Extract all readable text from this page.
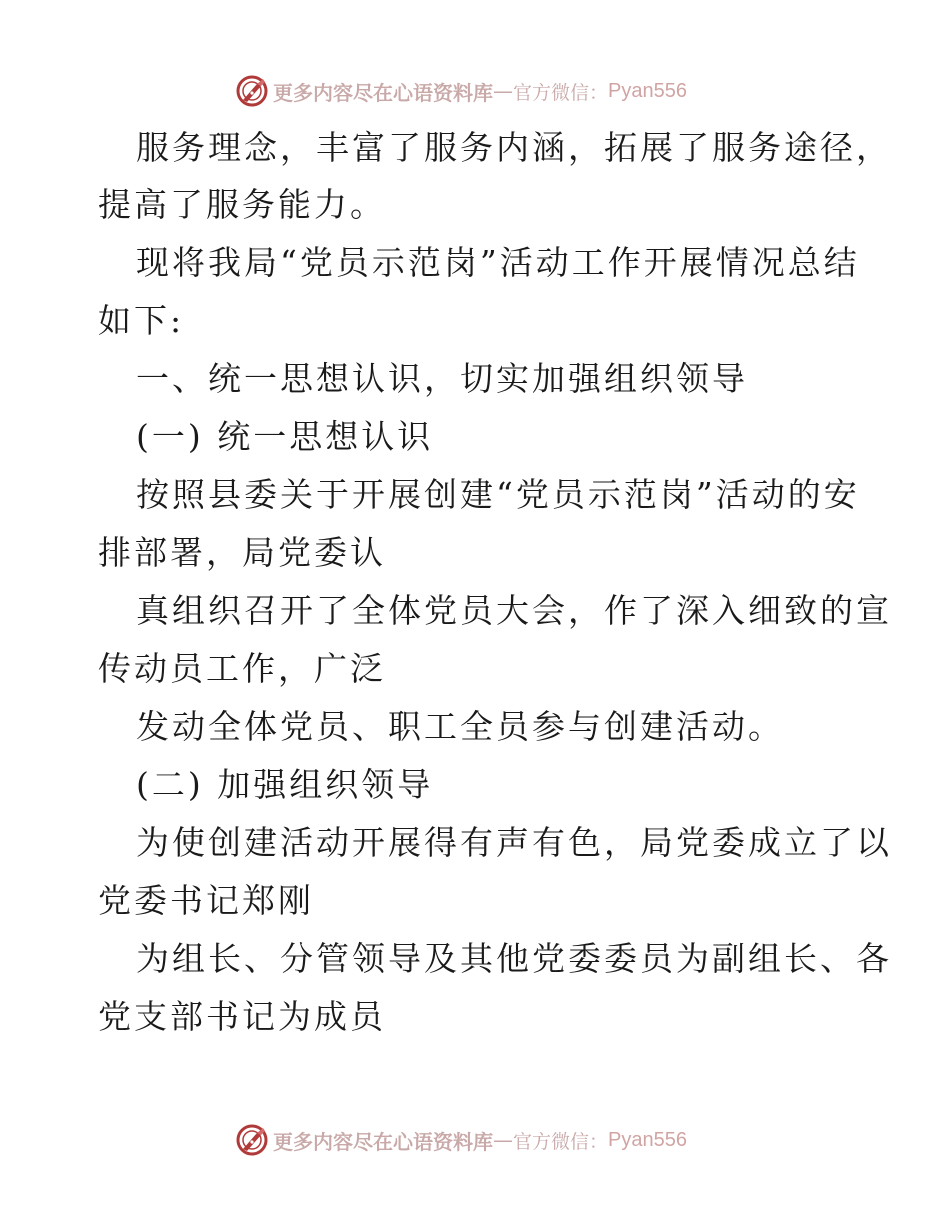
更多内容尽在心语资料库 — 官方微信： Pyan556
服务理念，丰富了服务内涵，拓展了服务途径，
提高了服务能力。
现将我局“党员示范岗”活动工作开展情况总结
如下:
一、统一思想认识，切实加强组织领导
(一) 统一思想认识
按照县委关于开展创建“党员示范岗”活动的安
排部署，局党委认
真组织召开了全体党员大会，作了深入细致的宣
传动员工作，广泛
发动全体党员、职工全员参与创建活动。
(二) 加强组织领导
为使创建活动开展得有声有色，局党委成立了以
党委书记郑刚
为组长、分管领导及其他党委委员为副组长、各
党支部书记为成员
更多内容尽在心语资料库 — 官方微信： Pyan556
